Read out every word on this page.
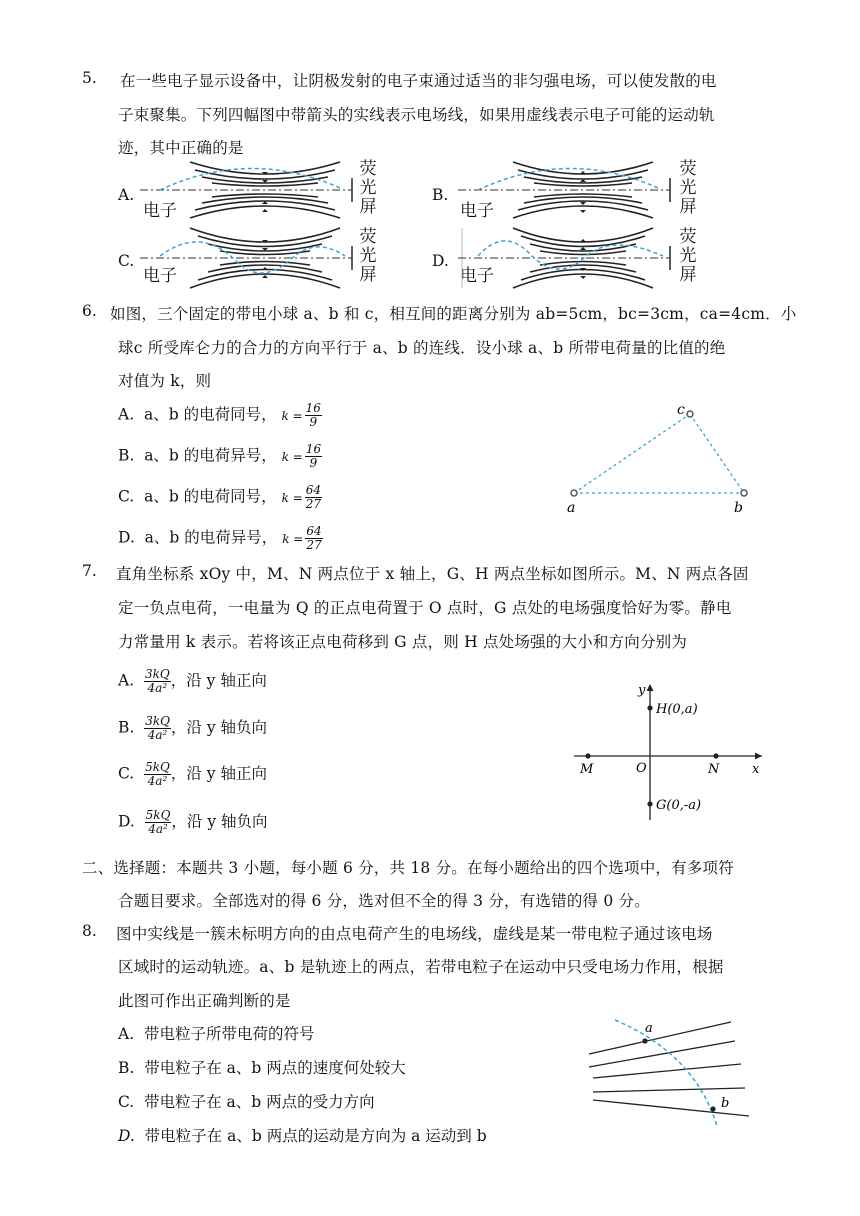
5. 在一些电子显示设备中，让阴极发射的电子束通过适当的非匀强电场，可以使发散的电
子束聚集。下列四幅图中带箭头的实线表示电场线，如果用虚线表示电子可能的运动轨
迹，其中正确的是
A.
电子
荧
光
屏
B.
电子
荧
光
屏
C.
电子
荧
光
屏
D.
电子
荧
光
屏
6. 如图，三个固定的带电小球 a、b 和 c，相互间的距离分别为 ab=5cm，bc=3cm，ca=4cm．小
球c 所受库仑力的合力的方向平行于 a、b 的连线．设小球 a、b 所带电荷量的比值的绝
对值为 k，则
A. a、b 的电荷同号， $k = \frac{16}{9}$
B. a、b 的电荷异号， $k = \frac{16}{9}$
C. a、b 的电荷同号， $k = \frac{64}{27}$
D. a、b 的电荷异号， $k = \frac{64}{27}$
a	b
c
7. 直角坐标系 xOy 中，M、N 两点位于 x 轴上，G、H 两点坐标如图所示。M、N 两点各固
定一负点电荷，一电量为 Q 的正点电荷置于 O 点时，G 点处的电场强度恰好为零。静电
力常量用 k 表示。若将该正点电荷移到 G 点，则 H 点处场强的大小和方向分别为
A. $\frac{3kQ}{\text{4a²}}$ ，沿 y 轴正向
B. $\frac{3kQ}{\text{4a²}}$ ，沿 y 轴负向
C. $\frac{5kQ}{\text{4a²}}$ ，沿 y 轴正向
D. $\frac{5kQ}{\text{4a²}}$ ，沿 y 轴负向
y
x
H(0,a)
G(0,-a)
M	O	N
二、选择题：本题共 3 小题，每小题 6 分，共 18 分。在每小题给出的四个选项中，有多项符
合题目要求。全部选对的得 6 分，选对但不全的得 3 分，有选错的得 0 分。
8. 图中实线是一簇未标明方向的由点电荷产生的电场线，虚线是某一带电粒子通过该电场
区域时的运动轨迹。a、b 是轨迹上的两点，若带电粒子在运动中只受电场力作用，根据
此图可作出正确判断的是
A. 带电粒子所带电荷的符号
B. 带电粒子在 a、b 两点的速度何处较大
C. 带电粒子在 a、b 两点的受力方向
D. 带电粒子在 a、b 两点的运动是方向为 a 运动到 b
a
b
